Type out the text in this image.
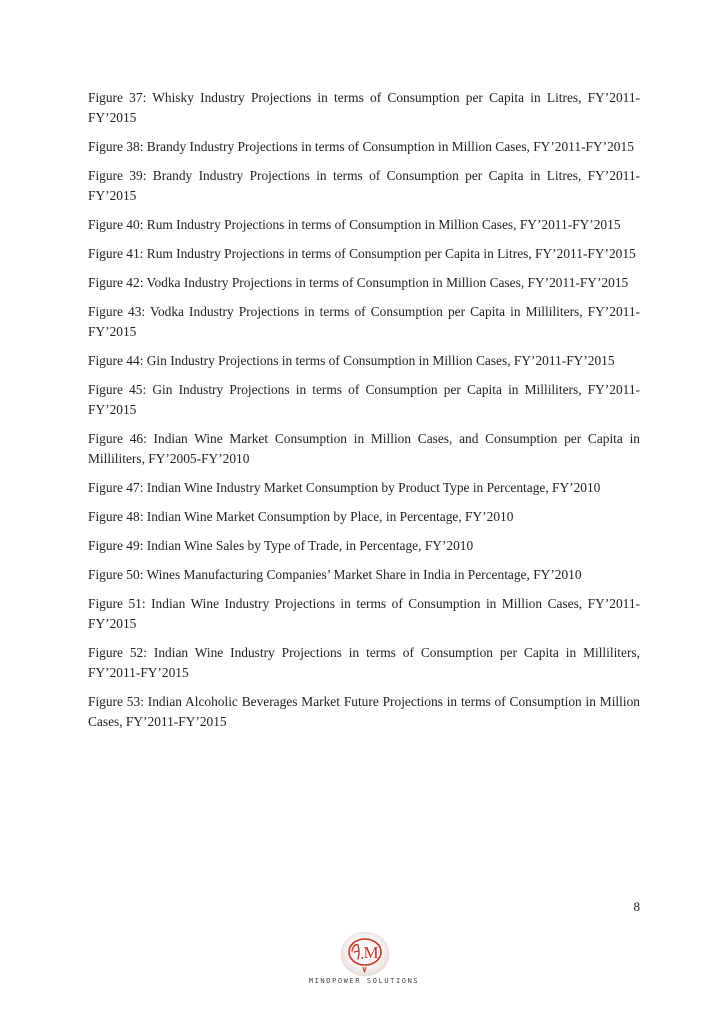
Figure 37: Whisky Industry Projections in terms of Consumption per Capita in Litres, FY’2011-FY’2015
Figure 38: Brandy Industry Projections in terms of Consumption in Million Cases, FY’2011-FY’2015
Figure 39: Brandy Industry Projections in terms of Consumption per Capita in Litres, FY’2011-FY’2015
Figure 40: Rum Industry Projections in terms of Consumption in Million Cases, FY’2011-FY’2015
Figure 41: Rum Industry Projections in terms of Consumption per Capita in Litres, FY’2011-FY’2015
Figure 42: Vodka Industry Projections in terms of Consumption in Million Cases, FY’2011-FY’2015
Figure 43: Vodka Industry Projections in terms of Consumption per Capita in Milliliters, FY’2011-FY’2015
Figure 44: Gin Industry Projections in terms of Consumption in Million Cases, FY’2011-FY’2015
Figure 45: Gin Industry Projections in terms of Consumption per Capita in Milliliters, FY’2011-FY’2015
Figure 46: Indian Wine Market Consumption in Million Cases, and Consumption per Capita in Milliliters, FY’2005-FY’2010
Figure 47: Indian Wine Industry Market Consumption by Product Type in Percentage, FY’2010
Figure 48: Indian Wine Market Consumption by Place, in Percentage, FY’2010
Figure 49: Indian Wine Sales by Type of Trade, in Percentage, FY’2010
Figure 50: Wines Manufacturing Companies’ Market Share in India in Percentage, FY’2010
Figure 51: Indian Wine Industry Projections in terms of Consumption in Million Cases, FY’2011-FY’2015
Figure 52: Indian Wine Industry Projections in terms of Consumption per Capita in Milliliters, FY’2011-FY’2015
Figure 53: Indian Alcoholic Beverages Market Future Projections in terms of Consumption in Million Cases, FY’2011-FY’2015
8
M
MINDPOWER SOLUTIONS
